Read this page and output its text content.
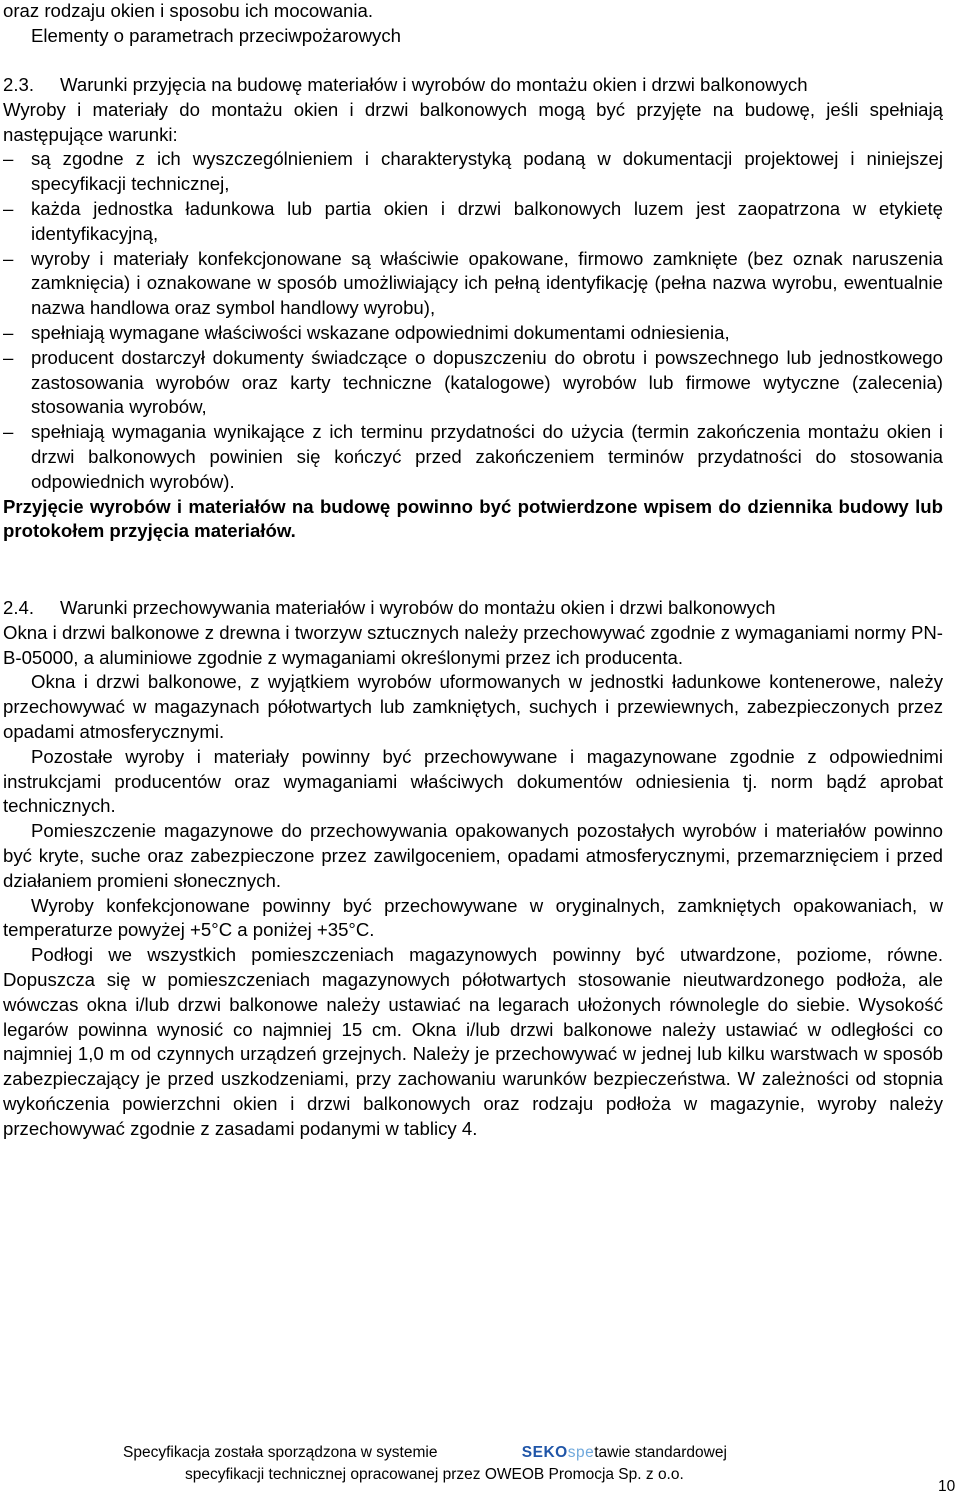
oraz rodzaju okien i sposobu ich mocowania.

Elementy o parametrach przeciwpożarowych

2.3.	Warunki przyjęcia na budowę materiałów i wyrobów do montażu okien i drzwi balkonowych

Wyroby i materiały do montażu okien i drzwi balkonowych mogą być przyjęte na budowę, jeśli spełniają następujące warunki:

– są zgodne z ich wyszczególnieniem i charakterystyką podaną w dokumentacji projektowej i niniejszej specyfikacji technicznej,
– każda jednostka ładunkowa lub partia okien i drzwi balkonowych luzem jest zaopatrzona w etykietę identyfikacyjną,
– wyroby i materiały konfekcjonowane są właściwie opakowane, firmowo zamknięte (bez oznak naruszenia zamknięcia) i oznakowane w sposób umożliwiający ich pełną identyfikację (pełna nazwa wyrobu, ewentualnie nazwa handlowa oraz symbol handlowy wyrobu),
– spełniają wymagane właściwości wskazane odpowiednimi dokumentami odniesienia,
– producent dostarczył dokumenty świadczące o dopuszczeniu do obrotu i powszechnego lub jednostkowego zastosowania wyrobów oraz karty techniczne (katalogowe) wyrobów lub firmowe wytyczne (zalecenia) stosowania wyrobów,
– spełniają wymagania wynikające z ich terminu przydatności do użycia (termin zakończenia montażu okien i drzwi balkonowych powinien się kończyć przed zakończeniem terminów przydatności do stosowania odpowiednich wyrobów).

Przyjęcie wyrobów i materiałów na budowę powinno być potwierdzone wpisem do dziennika budowy lub protokołem przyjęcia materiałów.

2.4.	Warunki przechowywania materiałów i wyrobów do montażu okien i drzwi balkonowych

Okna i drzwi balkonowe z drewna i tworzyw sztucznych należy przechowywać zgodnie z wymaganiami normy PN-B-05000, a aluminiowe zgodnie z wymaganiami określonymi przez ich producenta.

Okna i drzwi balkonowe, z wyjątkiem wyrobów uformowanych w jednostki ładunkowe kontenerowe, należy przechowywać w magazynach półotwartych lub zamkniętych, suchych i przewiewnych, zabezpieczonych przez opadami atmosferycznymi.

Pozostałe wyroby i materiały powinny być przechowywane i magazynowane zgodnie z odpowiednimi instrukcjami producentów oraz wymaganiami właściwych dokumentów odniesienia tj. norm bądź aprobat technicznych.

Pomieszczenie magazynowe do przechowywania opakowanych pozostałych wyrobów i materiałów powinno być kryte, suche oraz zabezpieczone przez zawilgoceniem, opadami atmosferycznymi, przemarznięciem i przed działaniem promieni słonecznych.

Wyroby konfekcjonowane powinny być przechowywane w oryginalnych, zamkniętych opakowaniach, w temperaturze powyżej +5°C a poniżej +35°C.

Podłogi we wszystkich pomieszczeniach magazynowych powinny być utwardzone, poziome, równe. Dopuszcza się w pomieszczeniach magazynowych półotwartych stosowanie nieutwardzonego podłoża, ale wówczas okna i/lub drzwi balkonowe należy ustawiać na legarach ułożonych równolegle do siebie. Wysokość legarów powinna wynosić co najmniej 15 cm. Okna i/lub drzwi balkonowe należy ustawiać w odległości co najmniej 1,0 m od czynnych urządzeń grzejnych. Należy je przechowywać w jednej lub kilku warstwach w sposób zabezpieczający je przed uszkodzeniami, przy zachowaniu warunków bezpieczeństwa. W zależności od stopnia wykończenia powierzchni okien i drzwi balkonowych oraz rodzaju podłoża w magazynie, wyroby należy przechowywać zgodnie z zasadami podanymi w tablicy 4.

Specyfikacja została sporządzona w systemie	SEKOspetawie standardowej
specyfikacji technicznej opracowanej przez OWEOB Promocja Sp. z o.o.
10
